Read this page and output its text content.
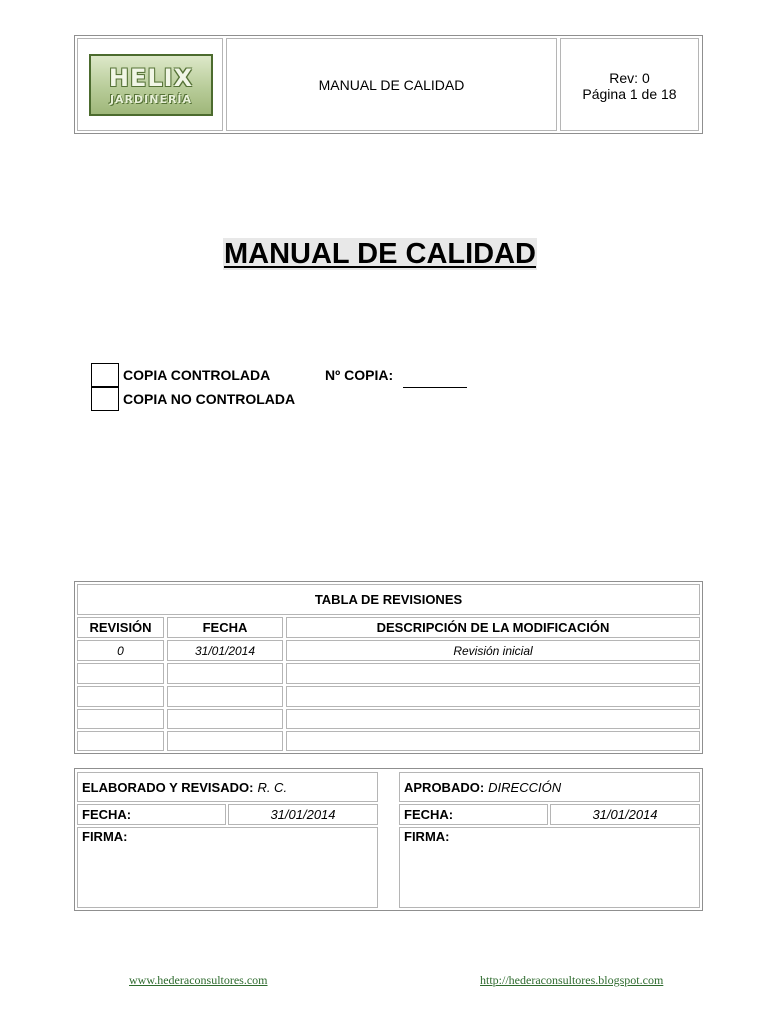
HELIX
JARDINERÍA
MANUAL DE CALIDAD	Rev: 0
Página 1 de 18
MANUAL DE CALIDAD
COPIA CONTROLADA	Nº COPIA:
COPIA NO CONTROLADA
TABLA DE REVISIONES
REVISIÓN	FECHA	DESCRIPCIÓN DE LA MODIFICACIÓN
0	31/01/2014	Revisión inicial
ELABORADO Y REVISADO: R. C.
FECHA:	31/01/2014
FIRMA:
APROBADO: DIRECCIÓN
FECHA:	31/01/2014
FIRMA:
www.hederaconsultores.com	http://hederaconsultores.blogspot.com
